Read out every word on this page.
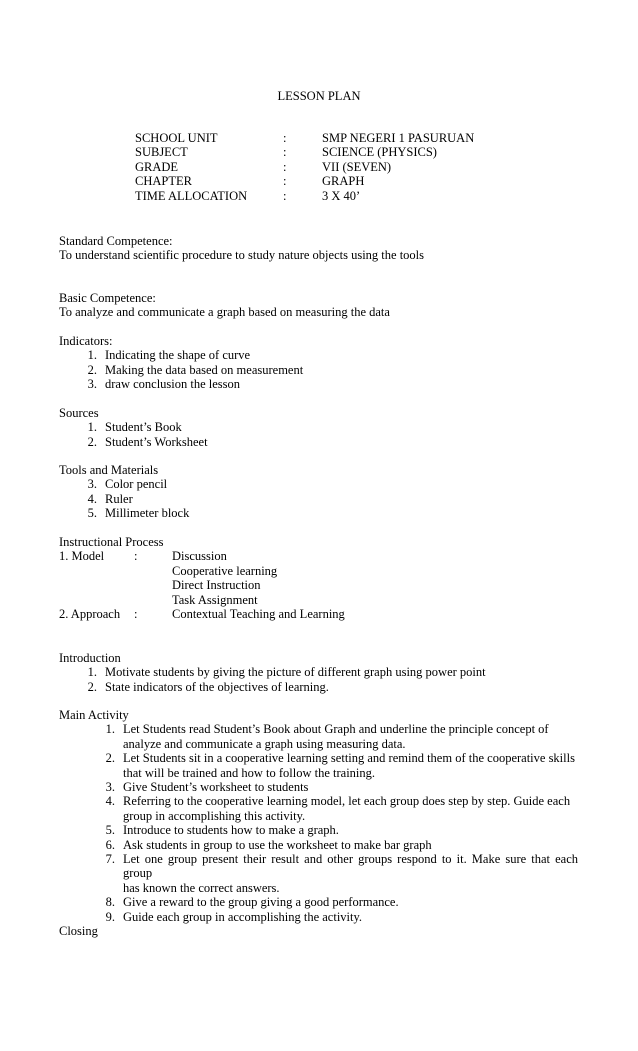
LESSON PLAN
SCHOOL UNIT	:	SMP NEGERI 1 PASURUAN
SUBJECT	:	SCIENCE (PHYSICS)
GRADE	:	VII (SEVEN)
CHAPTER	:	GRAPH
TIME ALLOCATION	:	3 X 40’
Standard Competence:
To understand scientific procedure to study nature objects using the tools
Basic Competence:
To analyze and communicate a graph based on measuring the data
Indicators:
1. Indicating the shape of curve
2. Making the data based on measurement
3. draw conclusion the lesson
Sources
1. Student’s Book
2. Student’s Worksheet
Tools and Materials
3. Color pencil
4. Ruler
5. Millimeter block
Instructional Process
1. Model	:	Discussion
Cooperative learning
Direct Instruction
Task Assignment
2. Approach	:	Contextual Teaching and Learning
Introduction
1. Motivate students by giving the picture of different graph using power point
2. State indicators of the objectives of learning.
Main Activity
1. Let Students read Student’s Book about Graph and underline the principle concept of
analyze and communicate a graph using measuring data.
2. Let Students sit in a cooperative learning setting and remind them of the cooperative skills
that will be trained and how to follow the training.
3. Give Student’s worksheet to students
4. Referring to the cooperative learning model, let each group does step by step. Guide each
group in accomplishing this activity.
5. Introduce to students how to make a graph.
6. Ask students in group to use the worksheet to make bar graph
7. Let one group present their result and other groups respond to it. Make sure that each group
has known the correct answers.
8. Give a reward to the group giving a good performance.
9. Guide each group in accomplishing the activity.
Closing
